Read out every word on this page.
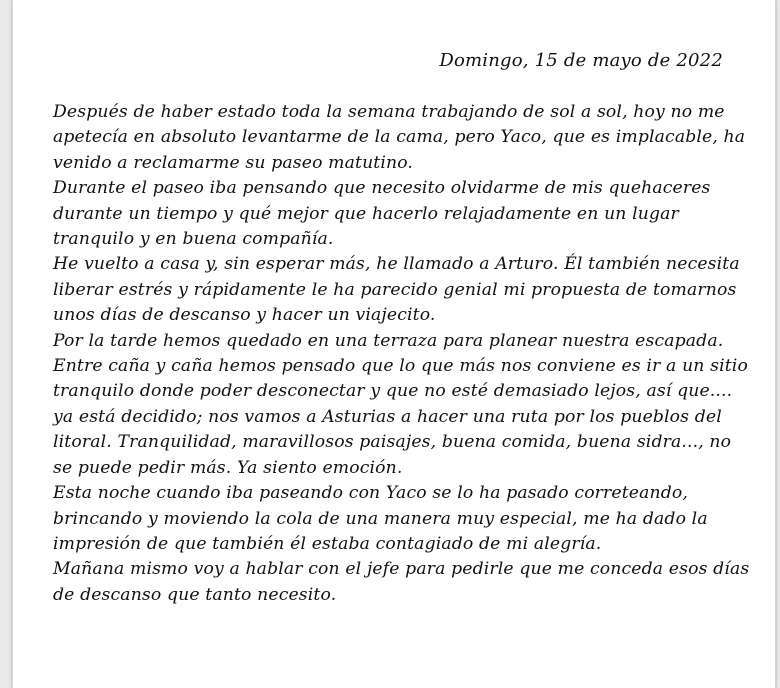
Domingo, 15 de mayo de 2022
Después de haber estado toda la semana trabajando de sol a sol, hoy no me
apetecía en absoluto levantarme de la cama, pero Yaco, que es implacable, ha
venido a reclamarme su paseo matutino.
Durante el paseo iba pensando que necesito olvidarme de mis quehaceres
durante un tiempo y qué mejor que hacerlo relajadamente en un lugar
tranquilo y en buena compañía.
He vuelto a casa y, sin esperar más, he llamado a Arturo. Él también necesita
liberar estrés y rápidamente le ha parecido genial mi propuesta de tomarnos
unos días de descanso y hacer un viajecito.
Por la tarde hemos quedado en una terraza para planear nuestra escapada.
Entre caña y caña hemos pensado que lo que más nos conviene es ir a un sitio
tranquilo donde poder desconectar y que no esté demasiado lejos, así que....
ya está decidido; nos vamos a Asturias a hacer una ruta por los pueblos del
litoral. Tranquilidad, maravillosos paisajes, buena comida, buena sidra..., no
se puede pedir más. Ya siento emoción.
Esta noche cuando iba paseando con Yaco se lo ha pasado correteando,
brincando y moviendo la cola de una manera muy especial, me ha dado la
impresión de que también él estaba contagiado de mi alegría.
Mañana mismo voy a hablar con el jefe para pedirle que me conceda esos días
de descanso que tanto necesito.
